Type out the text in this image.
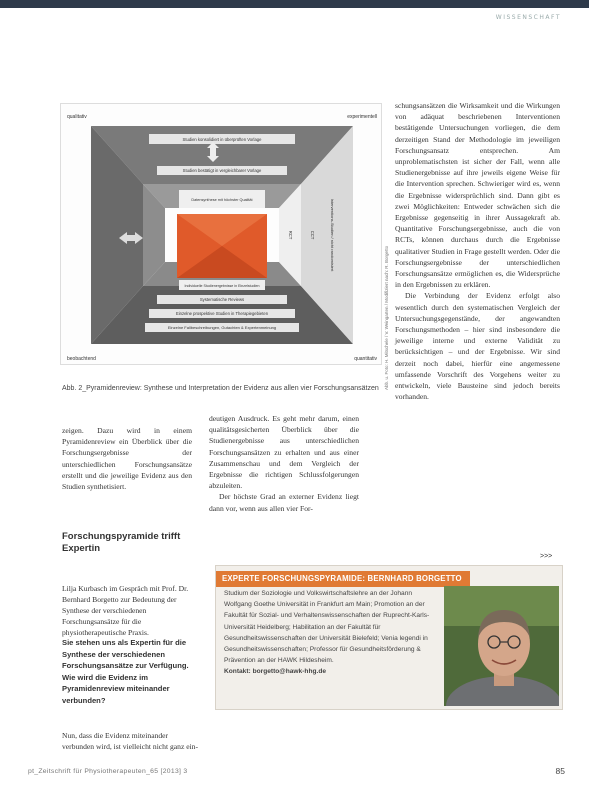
WISSENSCHAFT
qualitativ	experimentell
beobachtend	quantitativ
Studien konsolidiert in überprüften Vorlage
Studien bestätigt in vergleichbarer Vorlage
Datensynthese mit höchster Qualität
Individuelle Studienergebnisse in Einzelstudien
Systematische Reviews
Einzelne prospektive Studien in Therapiegebieten
Einzelne Fallbeschreibungen, Gutachten & Expertenmeinung
RCT	CCT	Interventions-Studien / nicht randomisiert
Abb. u. Foto: H. Mitschele / V. Weingarten / Modifiziert nach: R. Borgetto
Abb. 2_Pyramidenreview: Synthese und Interpretation der Evidenz aus allen vier Forschungsansätzen

zeigen. Dazu wird in einem Pyramidenreview ein Überblick über die Forschungsergebnisse der unterschiedlichen Forschungsansätze erstellt und die jeweilige Evidenz aus den Studien synthetisiert.

deutigen Ausdruck. Es geht mehr darum, einen qualitätsgesicherten Überblick über die Studienergebnisse aus unterschiedlichen Forschungsansätzen zu erhalten und aus einer Zusammenschau und dem Vergleich der Ergebnisse die richtigen Schlussfolgerungen abzuleiten.

Der höchste Grad an externer Evidenz liegt dann vor, wenn aus allen vier For-

schungsansätzen die Wirksamkeit und die Wirkungen von adäquat beschriebenen Interventionen bestätigende Untersuchungen vorliegen, die dem derzeitigen Stand der Methodologie im jeweiligen Forschungsansatz entsprechen. Am unproblematischsten ist sicher der Fall, wenn alle Studienergebnisse auf ihre jeweils eigene Weise für die Intervention sprechen. Schwieriger wird es, wenn die Ergebnisse widersprüchlich sind. Dann gibt es zwei Möglichkeiten: Entweder schwächen sich die Ergebnisse gegenseitig in ihrer Aussagekraft ab. Quantitative Forschungsergebnisse, auch die von RCTs, können durchaus durch die Ergebnisse qualitativer Studien in Frage gestellt werden. Oder die Forschungsergebnisse der unterschiedlichen Forschungsansätze ermöglichen es, die Widersprüche in den Ergebnissen zu erklären.

Die Verbindung der Evidenz erfolgt also wesentlich durch den systematischen Vergleich der Untersuchungsgegenstände, der angewandten Forschungsmethoden – hier sind insbesondere die jeweilige interne und externe Validität zu berücksichtigen – und der Ergebnisse. Wir sind derzeit noch dabei, hierfür eine angemessene umfassende Vorschrift des Vorgehens weiter zu entwickeln, viele Bausteine sind jedoch bereits vorhanden.

>>>
Forschungspyramide trifft Expertin
Lilja Kurbasch im Gespräch mit Prof. Dr. Bernhard Borgetto zur Bedeutung der Synthese der verschiedenen Forschungsansätze für die physiotherapeutische Praxis.
Sie stehen uns als Expertin für die Synthese der verschiedenen Forschungsansätze zur Verfügung. Wie wird die Evidenz im Pyramidenreview miteinander verbunden?
Nun, dass die Evidenz miteinander verbunden wird, ist vielleicht nicht ganz ein-
EXPERTE FORSCHUNGSPYRAMIDE: BERNHARD BORGETTO
Studium der Soziologie und Volkswirtschaftslehre an der Johann Wolfgang Goethe Universität in Frankfurt am Main; Promotion an der Fakultät für Sozial- und Verhaltenswissenschaften der Ruprecht-Karls-Universität Heidelberg; Habilitation an der Fakultät für Gesundheitswissenschaften der Universität Bielefeld; Venia legendi in Gesundheitswissenschaften; Professor für Gesundheitsförderung & Prävention an der HAWK Hildesheim.
Kontakt: borgetto@hawk-hhg.de
pt_Zeitschrift für Physiotherapeuten_65 [2013] 3	85
